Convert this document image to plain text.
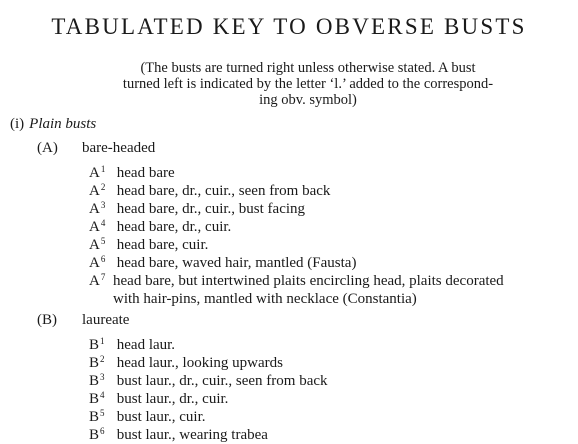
TABULATED KEY TO OBVERSE BUSTS
(The busts are turned right unless otherwise stated. A bust
turned left is indicated by the letter ‘l.’ added to the correspond-
ing obv. symbol)
(i) Plain busts
(A) bare-headed
$A^1$ head bare
$A^2$ head bare, dr., cuir., seen from back
$A^3$ head bare, dr., cuir., bust facing
$A^4$ head bare, dr., cuir.
$A^5$ head bare, cuir.
$A^6$ head bare, waved hair, mantled (Fausta)
$A^7$ head bare, but intertwined plaits encircling head, plaits decorated
with hair-pins, mantled with necklace (Constantia)
(B) laureate
$B^1$ head laur.
$B^2$ head laur., looking upwards
$B^3$ bust laur., dr., cuir., seen from back
$B^4$ bust laur., dr., cuir.
$B^5$ bust laur., cuir.
$B^6$ bust laur., wearing trabea
